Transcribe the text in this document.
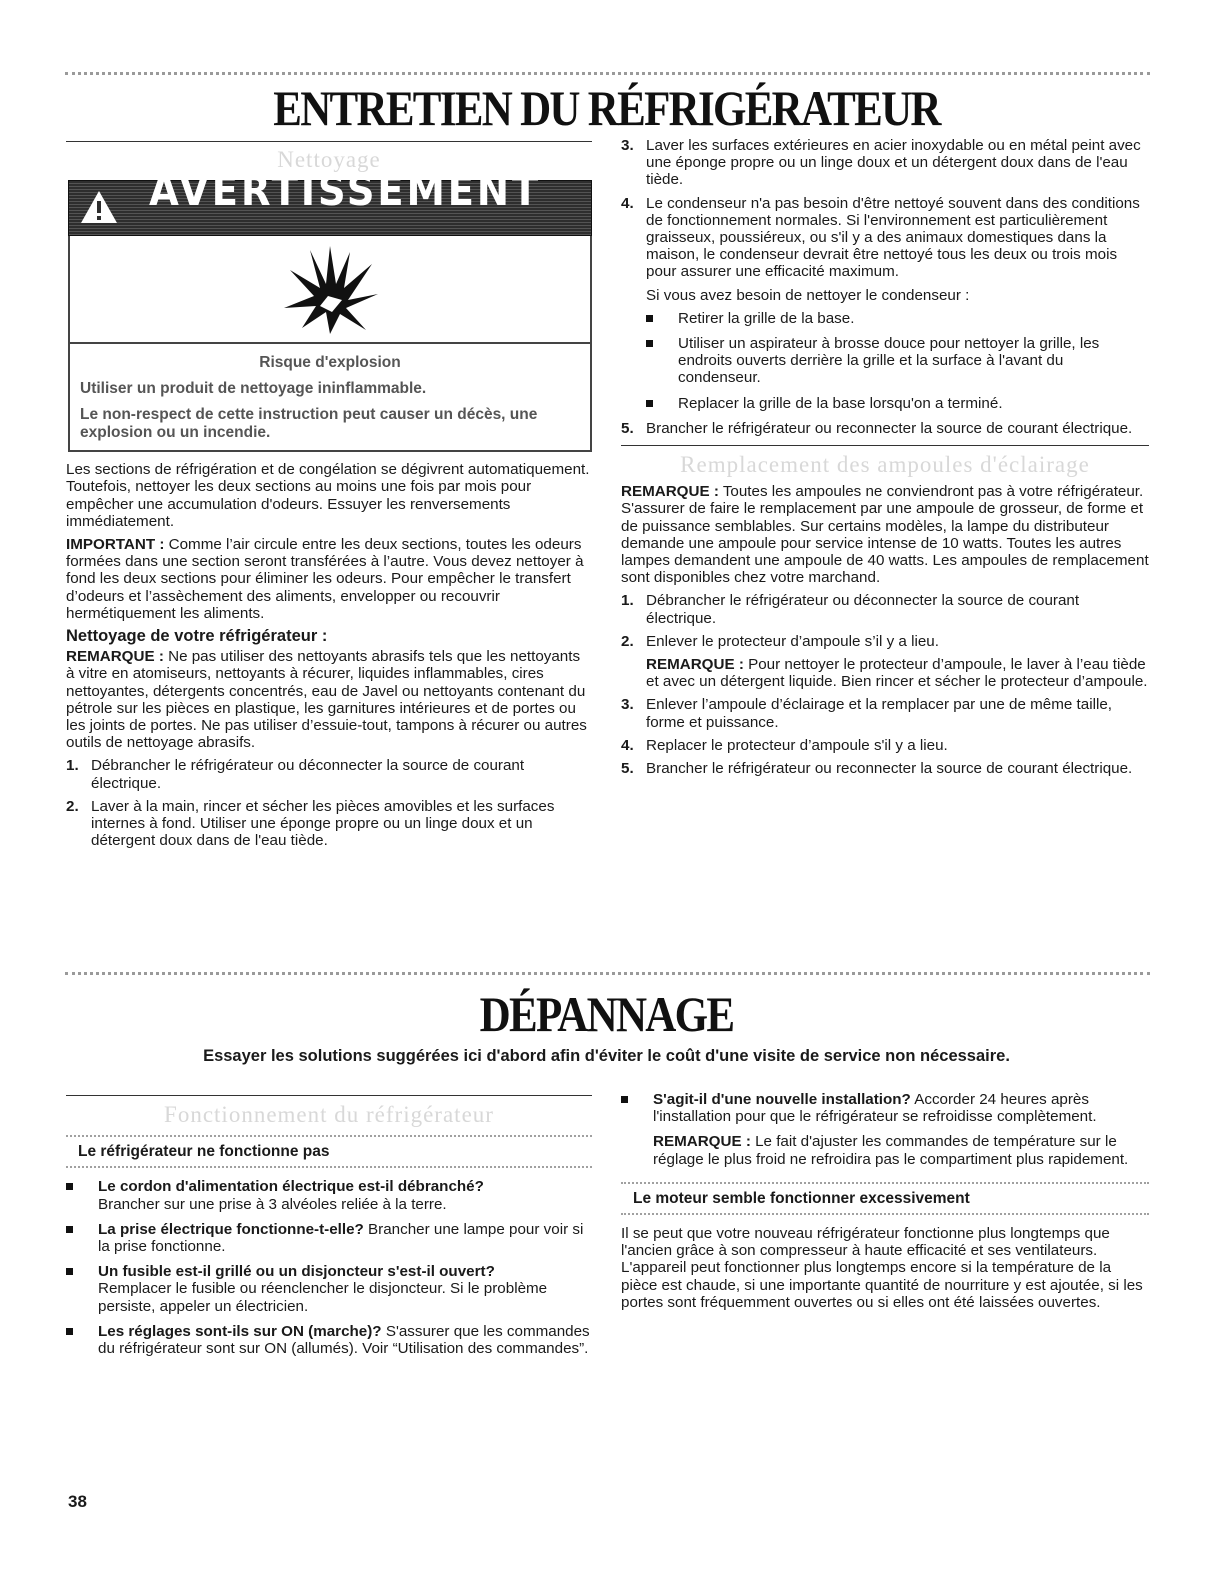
ENTRETIEN DU RÉFRIGÉRATEUR
Nettoyage
AVERTISSEMENT

Risque d'explosion

Utiliser un produit de nettoyage ininflammable.

Le non-respect de cette instruction peut causer un décès, une explosion ou un incendie.

Les sections de réfrigération et de congélation se dégivrent automatiquement. Toutefois, nettoyer les deux sections au moins une fois par mois pour empêcher une accumulation d'odeurs. Essuyer les renversements immédiatement.

IMPORTANT : Comme l’air circule entre les deux sections, toutes les odeurs formées dans une section seront transférées à l’autre. Vous devez nettoyer à fond les deux sections pour éliminer les odeurs. Pour empêcher le transfert d’odeurs et l’assèchement des aliments, envelopper ou recouvrir hermétiquement les aliments.

Nettoyage de votre réfrigérateur :

REMARQUE : Ne pas utiliser des nettoyants abrasifs tels que les nettoyants à vitre en atomiseurs, nettoyants à récurer, liquides inflammables, cires nettoyantes, détergents concentrés, eau de Javel ou nettoyants contenant du pétrole sur les pièces en plastique, les garnitures intérieures et de portes ou les joints de portes. Ne pas utiliser d’essuie-tout, tampons à récurer ou autres outils de nettoyage abrasifs.

1. Débrancher le réfrigérateur ou déconnecter la source de courant électrique.
2. Laver à la main, rincer et sécher les pièces amovibles et les surfaces internes à fond. Utiliser une éponge propre ou un linge doux et un détergent doux dans de l'eau tiède.
3. Laver les surfaces extérieures en acier inoxydable ou en métal peint avec une éponge propre ou un linge doux et un détergent doux dans de l'eau tiède.
4. Le condenseur n'a pas besoin d'être nettoyé souvent dans des conditions de fonctionnement normales. Si l'environnement est particulièrement graisseux, poussiéreux, ou s'il y a des animaux domestiques dans la maison, le condenseur devrait être nettoyé tous les deux ou trois mois pour assurer une efficacité maximum.

Si vous avez besoin de nettoyer le condenseur :

Retirer la grille de la base.
Utiliser un aspirateur à brosse douce pour nettoyer la grille, les endroits ouverts derrière la grille et la surface à l'avant du condenseur.
Replacer la grille de la base lorsqu'on a terminé.
5. Brancher le réfrigérateur ou reconnecter la source de courant électrique.
Remplacement des ampoules d'éclairage

REMARQUE : Toutes les ampoules ne conviendront pas à votre réfrigérateur. S'assurer de faire le remplacement par une ampoule de grosseur, de forme et de puissance semblables. Sur certains modèles, la lampe du distributeur demande une ampoule pour service intense de 10 watts. Toutes les autres lampes demandent une ampoule de 40 watts. Les ampoules de remplacement sont disponibles chez votre marchand.

1. Débrancher le réfrigérateur ou déconnecter la source de courant électrique.
2. Enlever le protecteur d’ampoule s’il y a lieu.

REMARQUE : Pour nettoyer le protecteur d’ampoule, le laver à l’eau tiède et avec un détergent liquide. Bien rincer et sécher le protecteur d’ampoule.

3. Enlever l’ampoule d’éclairage et la remplacer par une de même taille, forme et puissance.
4. Replacer le protecteur d’ampoule s'il y a lieu.
5. Brancher le réfrigérateur ou reconnecter la source de courant électrique.
DÉPANNAGE
Essayer les solutions suggérées ici d'abord afin d'éviter le coût d'une visite de service non nécessaire.
Fonctionnement du réfrigérateur
Le réfrigérateur ne fonctionne pas
Le cordon d'alimentation électrique est-il débranché?
Brancher sur une prise à 3 alvéoles reliée à la terre.
La prise électrique fonctionne-t-elle? Brancher une lampe pour voir si la prise fonctionne.
Un fusible est-il grillé ou un disjoncteur s'est-il ouvert?
Remplacer le fusible ou réenclencher le disjoncteur. Si le problème persiste, appeler un électricien.
Les réglages sont-ils sur ON (marche)? S'assurer que les commandes du réfrigérateur sont sur ON (allumés). Voir “Utilisation des commandes”.
S'agit-il d'une nouvelle installation? Accorder 24 heures après l'installation pour que le réfrigérateur se refroidisse complètement.

REMARQUE : Le fait d'ajuster les commandes de température sur le réglage le plus froid ne refroidira pas le compartiment plus rapidement.

Le moteur semble fonctionner excessivement

Il se peut que votre nouveau réfrigérateur fonctionne plus longtemps que l'ancien grâce à son compresseur à haute efficacité et ses ventilateurs. L'appareil peut fonctionner plus longtemps encore si la température de la pièce est chaude, si une importante quantité de nourriture y est ajoutée, si les portes sont fréquemment ouvertes ou si elles ont été laissées ouvertes.

38
